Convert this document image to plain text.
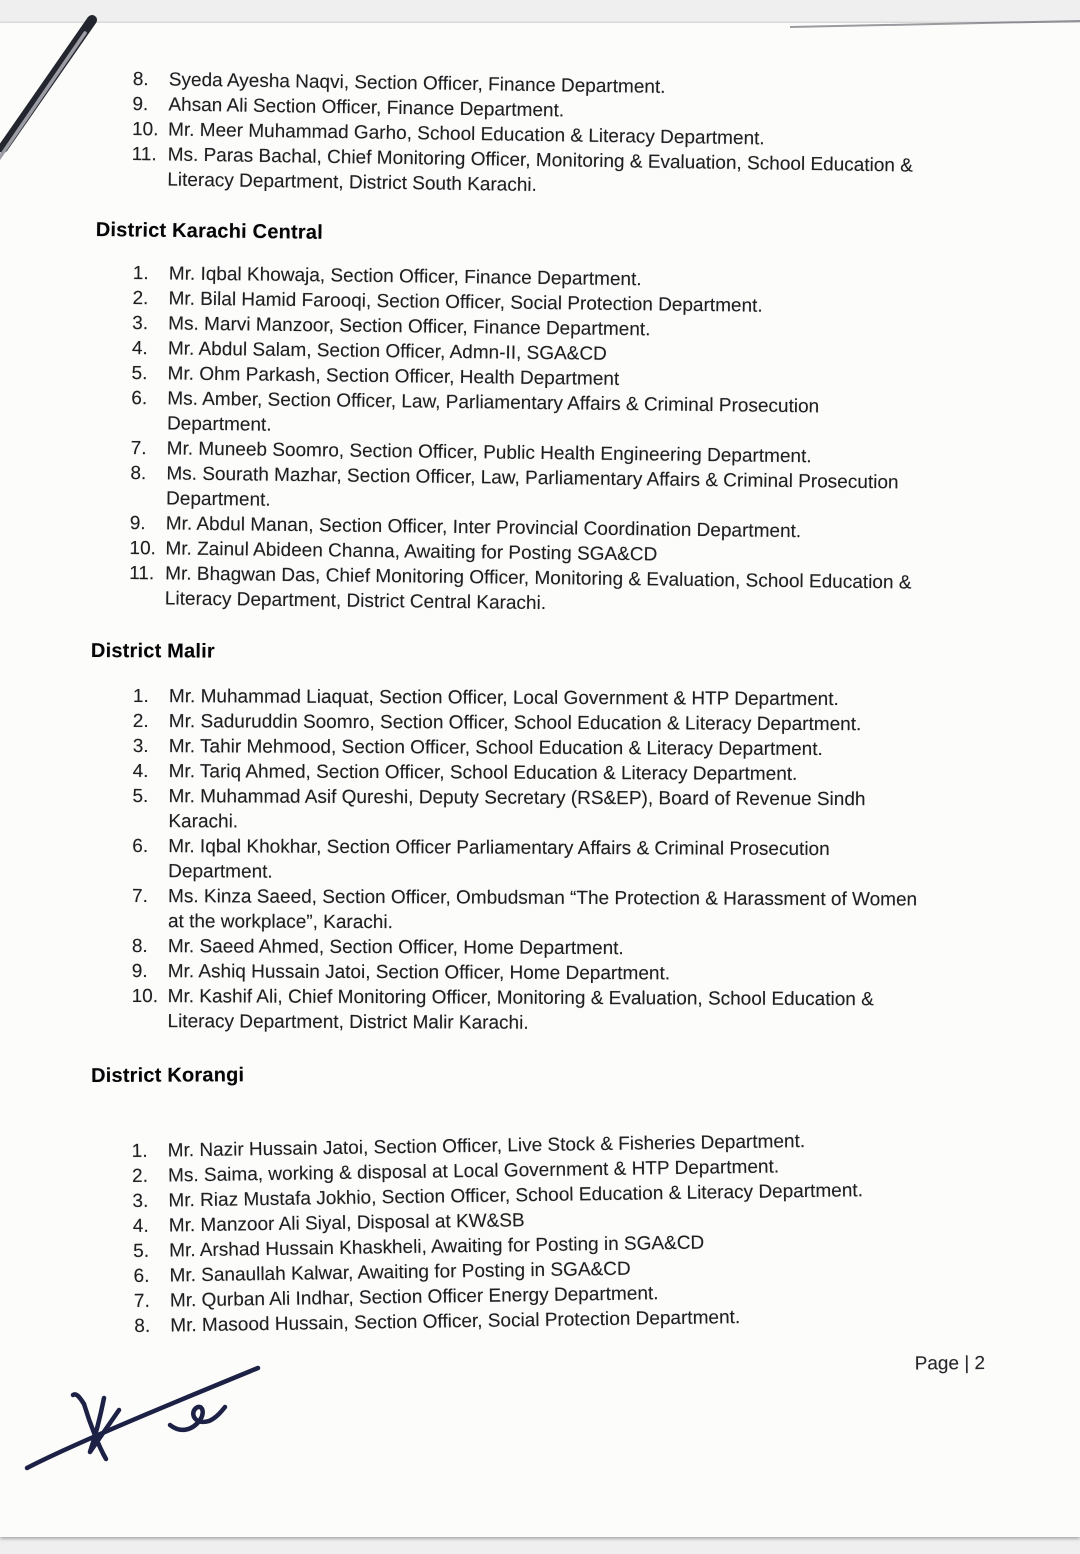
8.	Syeda Ayesha Naqvi, Section Officer, Finance Department.
9.	Ahsan Ali Section Officer, Finance Department.
10. Mr. Meer Muhammad Garho, School Education & Literacy Department.
11. Ms. Paras Bachal, Chief Monitoring Officer, Monitoring & Evaluation, School Education &
Literacy Department, District South Karachi.
District Karachi Central
1.	Mr. Iqbal Khowaja, Section Officer, Finance Department.
2.	Mr. Bilal Hamid Farooqi, Section Officer, Social Protection Department.
3.	Ms. Marvi Manzoor, Section Officer, Finance Department.
4.	Mr. Abdul Salam, Section Officer, Admn-II, SGA&CD
5.	Mr. Ohm Parkash, Section Officer, Health Department
6.	Ms. Amber, Section Officer, Law, Parliamentary Affairs & Criminal Prosecution
Department.
7.	Mr. Muneeb Soomro, Section Officer, Public Health Engineering Department.
8.	Ms. Sourath Mazhar, Section Officer, Law, Parliamentary Affairs & Criminal Prosecution
Department.
9.	Mr. Abdul Manan, Section Officer, Inter Provincial Coordination Department.
10. Mr. Zainul Abideen Channa, Awaiting for Posting SGA&CD
11. Mr. Bhagwan Das, Chief Monitoring Officer, Monitoring & Evaluation, School Education &
Literacy Department, District Central Karachi.
District Malir
1.	Mr. Muhammad Liaquat, Section Officer, Local Government & HTP Department.
2.	Mr. Saduruddin Soomro, Section Officer, School Education & Literacy Department.
3.	Mr. Tahir Mehmood, Section Officer, School Education & Literacy Department.
4.	Mr. Tariq Ahmed, Section Officer, School Education & Literacy Department.
5.	Mr. Muhammad Asif Qureshi, Deputy Secretary (RS&EP), Board of Revenue Sindh
Karachi.
6.	Mr. Iqbal Khokhar, Section Officer Parliamentary Affairs & Criminal Prosecution
Department.
7.	Ms. Kinza Saeed, Section Officer, Ombudsman “The Protection & Harassment of Women
at the workplace”, Karachi.
8.	Mr. Saeed Ahmed, Section Officer, Home Department.
9.	Mr. Ashiq Hussain Jatoi, Section Officer, Home Department.
10. Mr. Kashif Ali, Chief Monitoring Officer, Monitoring & Evaluation, School Education &
Literacy Department, District Malir Karachi.
District Korangi
1.	Mr. Nazir Hussain Jatoi, Section Officer, Live Stock & Fisheries Department.
2.	Ms. Saima, working & disposal at Local Government & HTP Department.
3.	Mr. Riaz Mustafa Jokhio, Section Officer, School Education & Literacy Department.
4.	Mr. Manzoor Ali Siyal, Disposal at KW&SB
5.	Mr. Arshad Hussain Khaskheli, Awaiting for Posting in SGA&CD
6.	Mr. Sanaullah Kalwar, Awaiting for Posting in SGA&CD
7.	Mr. Qurban Ali Indhar, Section Officer Energy Department.
8.	Mr. Masood Hussain, Section Officer, Social Protection Department.
Page | 2
